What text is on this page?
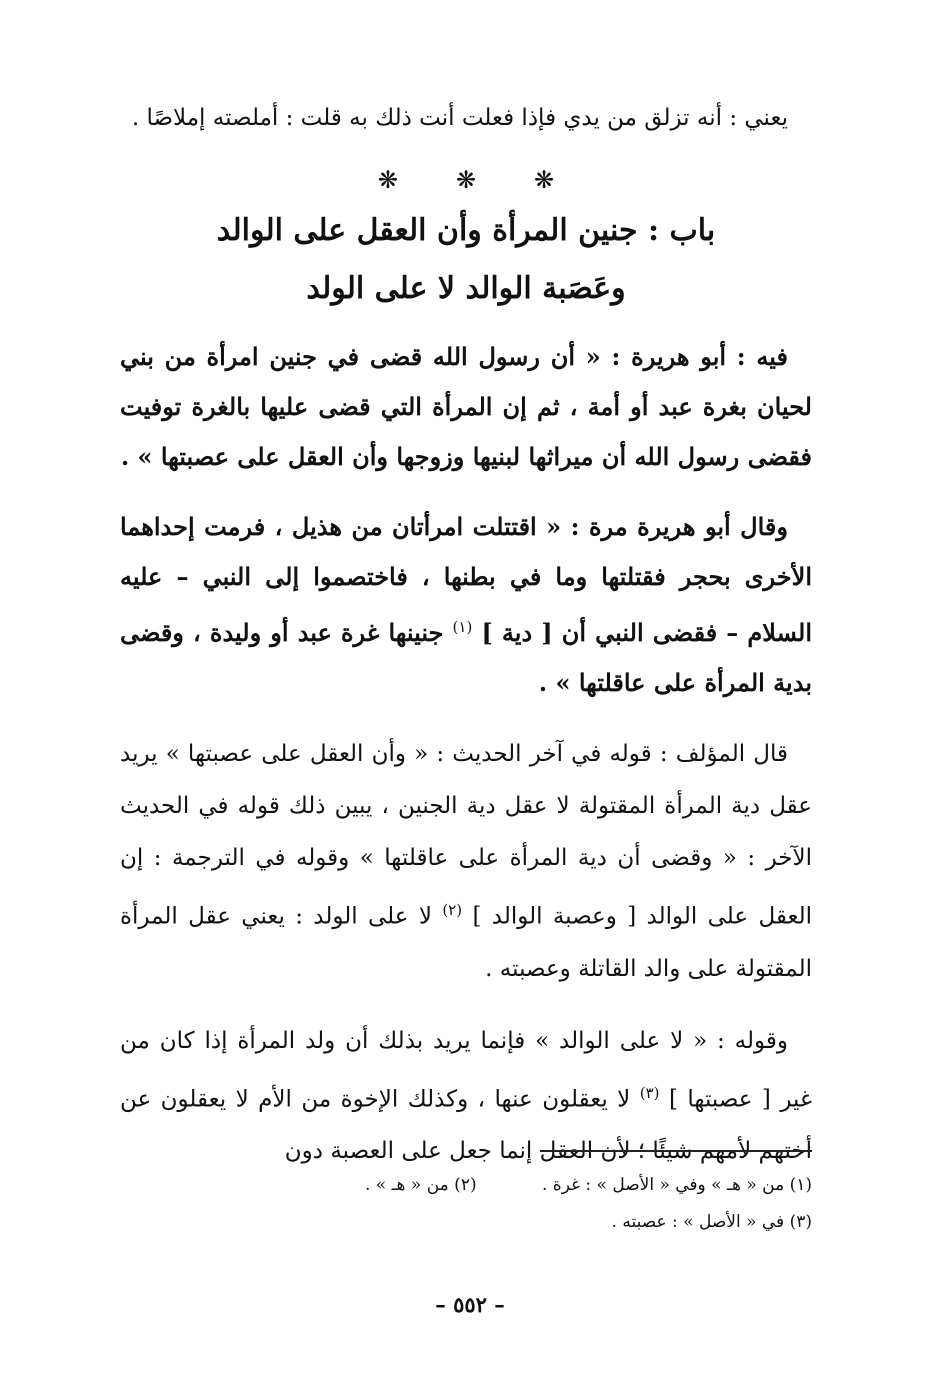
يعني : أنه تزلق من يدي فإذا فعلت أنت ذلك به قلت : أملصته إملاصًا .

❋ ❋ ❋
باب : جنين المرأة وأن العقل على الوالد
وعَصَبة الوالد لا على الولد

فيه : أبو هريرة : « أن رسول الله قضى في جنين امرأة من بني لحيان بغرة عبد أو أمة ، ثم إن المرأة التي قضى عليها بالغرة توفيت فقضى رسول الله أن ميراثها لبنيها وزوجها وأن العقل على عصبتها » .

وقال أبو هريرة مرة : « اقتتلت امرأتان من هذيل ، فرمت إحداهما الأخرى بحجر فقتلتها وما في بطنها ، فاختصموا إلى النبي – عليه السلام – فقضى النبي أن [ دية ] $^{(١)}$ جنينها غرة عبد أو وليدة ، وقضى بدية المرأة على عاقلتها » .

قال المؤلف : قوله في آخر الحديث : « وأن العقل على عصبتها » يريد عقل دية المرأة المقتولة لا عقل دية الجنين ، يبين ذلك قوله في الحديث الآخر : « وقضى أن دية المرأة على عاقلتها » وقوله في الترجمة : إن العقل على الوالد [ وعصبة الوالد ] $^{(٢)}$ لا على الولد : يعني عقل المرأة المقتولة على والد القاتلة وعصبته .

وقوله : « لا على الوالد » فإنما يريد بذلك أن ولد المرأة إذا كان من غير [ عصبتها ] $^{(٣)}$ لا يعقلون عنها ، وكذلك الإخوة من الأم لا يعقلون عن أختهم لأمهم شيئًا ؛ لأن العقل إنما جعل على العصبة دون

(١) من « هـ » وفي « الأصل » : غرة . (٢) من « هـ » .
(٣) في « الأصل » : عصبته .
– ٥٥٢ –
